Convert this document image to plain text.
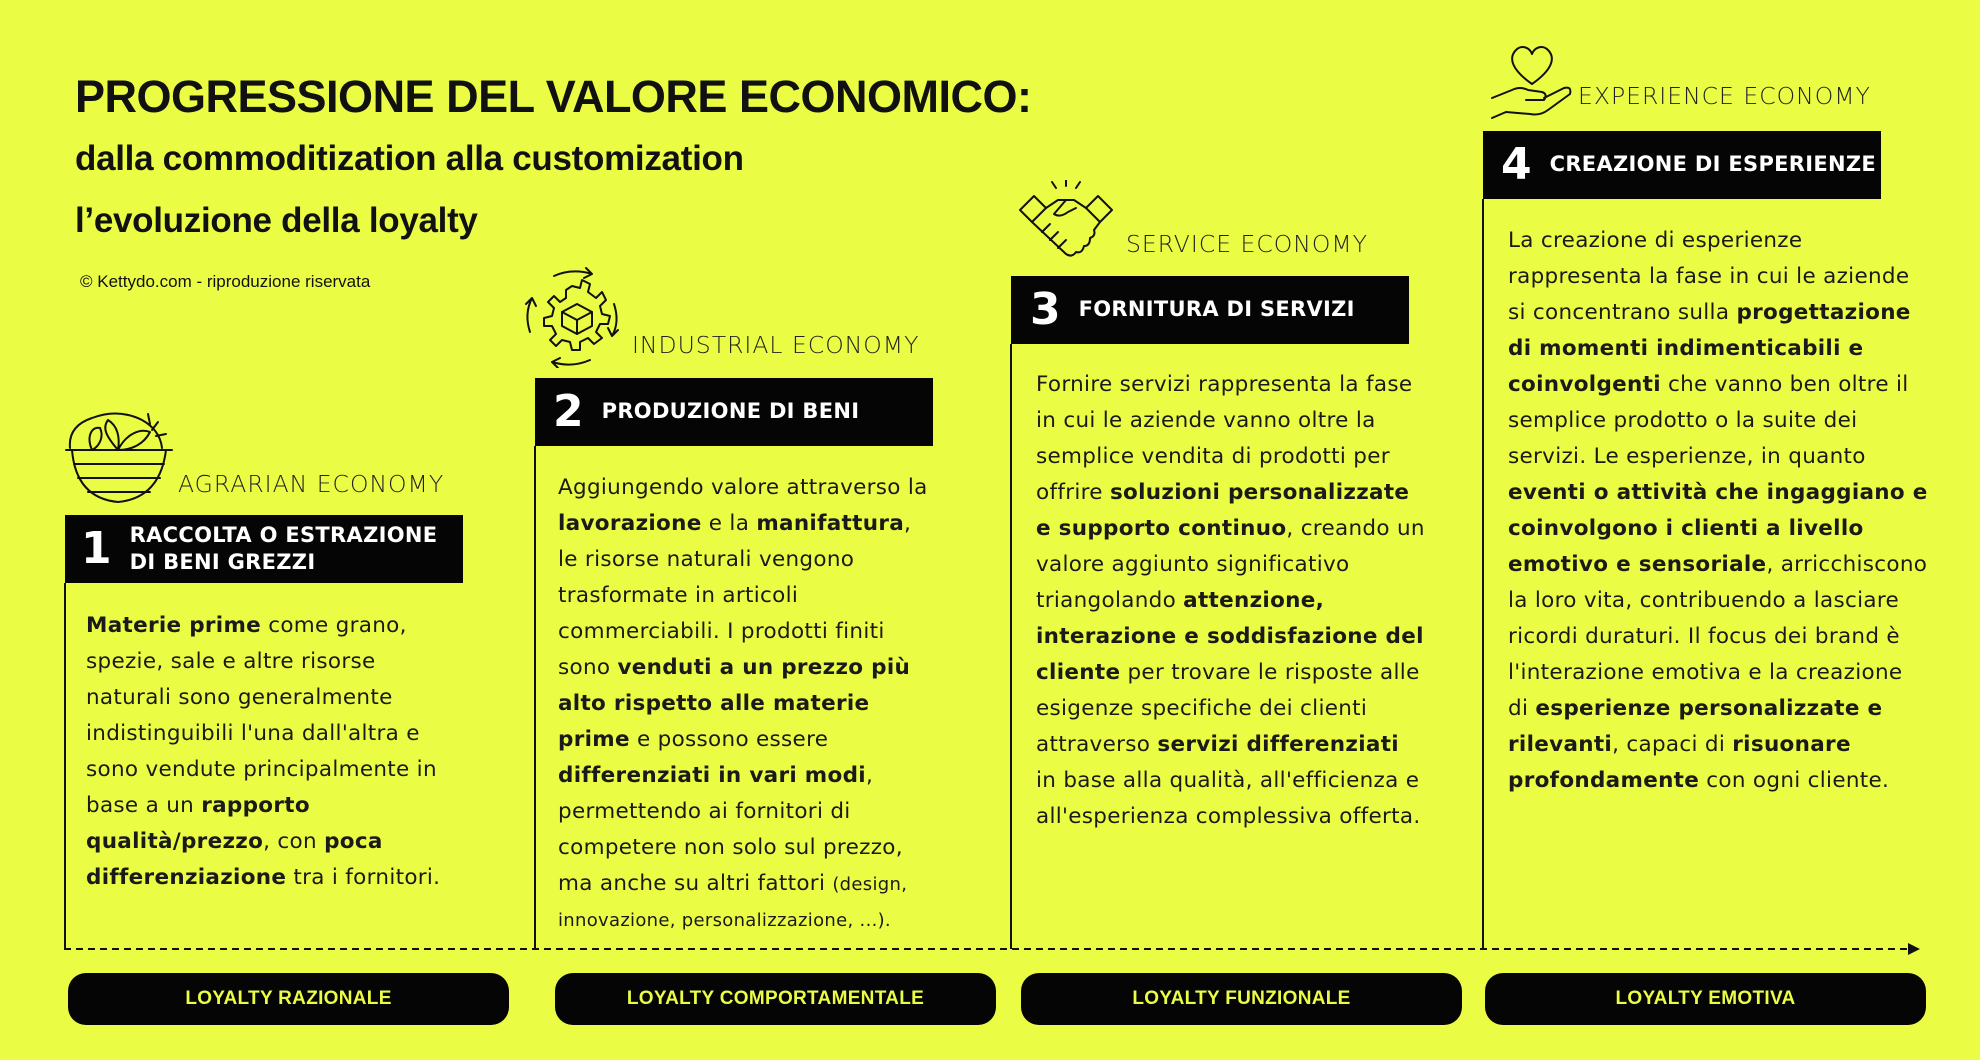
PROGRESSIONE DEL VALORE ECONOMICO:
dalla commoditization alla customization
l’evoluzione della loyalty
© Kettydo.com - riproduzione riservata
AGRARIAN ECONOMY
1 RACCOLTA O ESTRAZIONE
DI BENI GREZZI
Materie prime come grano, spezie, sale e altre risorse naturali sono generalmente indistinguibili l'una dall'altra e sono vendute principalmente in base a un rapporto qualità/prezzo, con poca differenziazione tra i fornitori.
INDUSTRIAL ECONOMY
2 PRODUZIONE DI BENI
Aggiungendo valore attraverso la lavorazione e la manifattura, le risorse naturali vengono trasformate in articoli commerciabili. I prodotti finiti sono venduti a un prezzo più alto rispetto alle materie prime e possono essere differenziati in vari modi, permettendo ai fornitori di competere non solo sul prezzo, ma anche su altri fattori (design, innovazione, personalizzazione, ...).
SERVICE ECONOMY
3 FORNITURA DI SERVIZI
Fornire servizi rappresenta la fase in cui le aziende vanno oltre la semplice vendita di prodotti per offrire soluzioni personalizzate e supporto continuo, creando un valore aggiunto significativo triangolando attenzione, interazione e soddisfazione del cliente per trovare le risposte alle esigenze specifiche dei clienti attraverso servizi differenziati in base alla qualità, all'efficienza e all'esperienza complessiva offerta.
EXPERIENCE ECONOMY
4 CREAZIONE DI ESPERIENZE
La creazione di esperienze rappresenta la fase in cui le aziende si concentrano sulla progettazione di momenti indimenticabili e coinvolgenti che vanno ben oltre il semplice prodotto o la suite dei servizi. Le esperienze, in quanto eventi o attività che ingaggiano e coinvolgono i clienti a livello emotivo e sensoriale, arricchiscono la loro vita, contribuendo a lasciare ricordi duraturi. Il focus dei brand è l'interazione emotiva e la creazione di esperienze personalizzate e rilevanti, capaci di risuonare profondamente con ogni cliente.
LOYALTY RAZIONALE	LOYALTY COMPORTAMENTALE	LOYALTY FUNZIONALE	LOYALTY EMOTIVA
